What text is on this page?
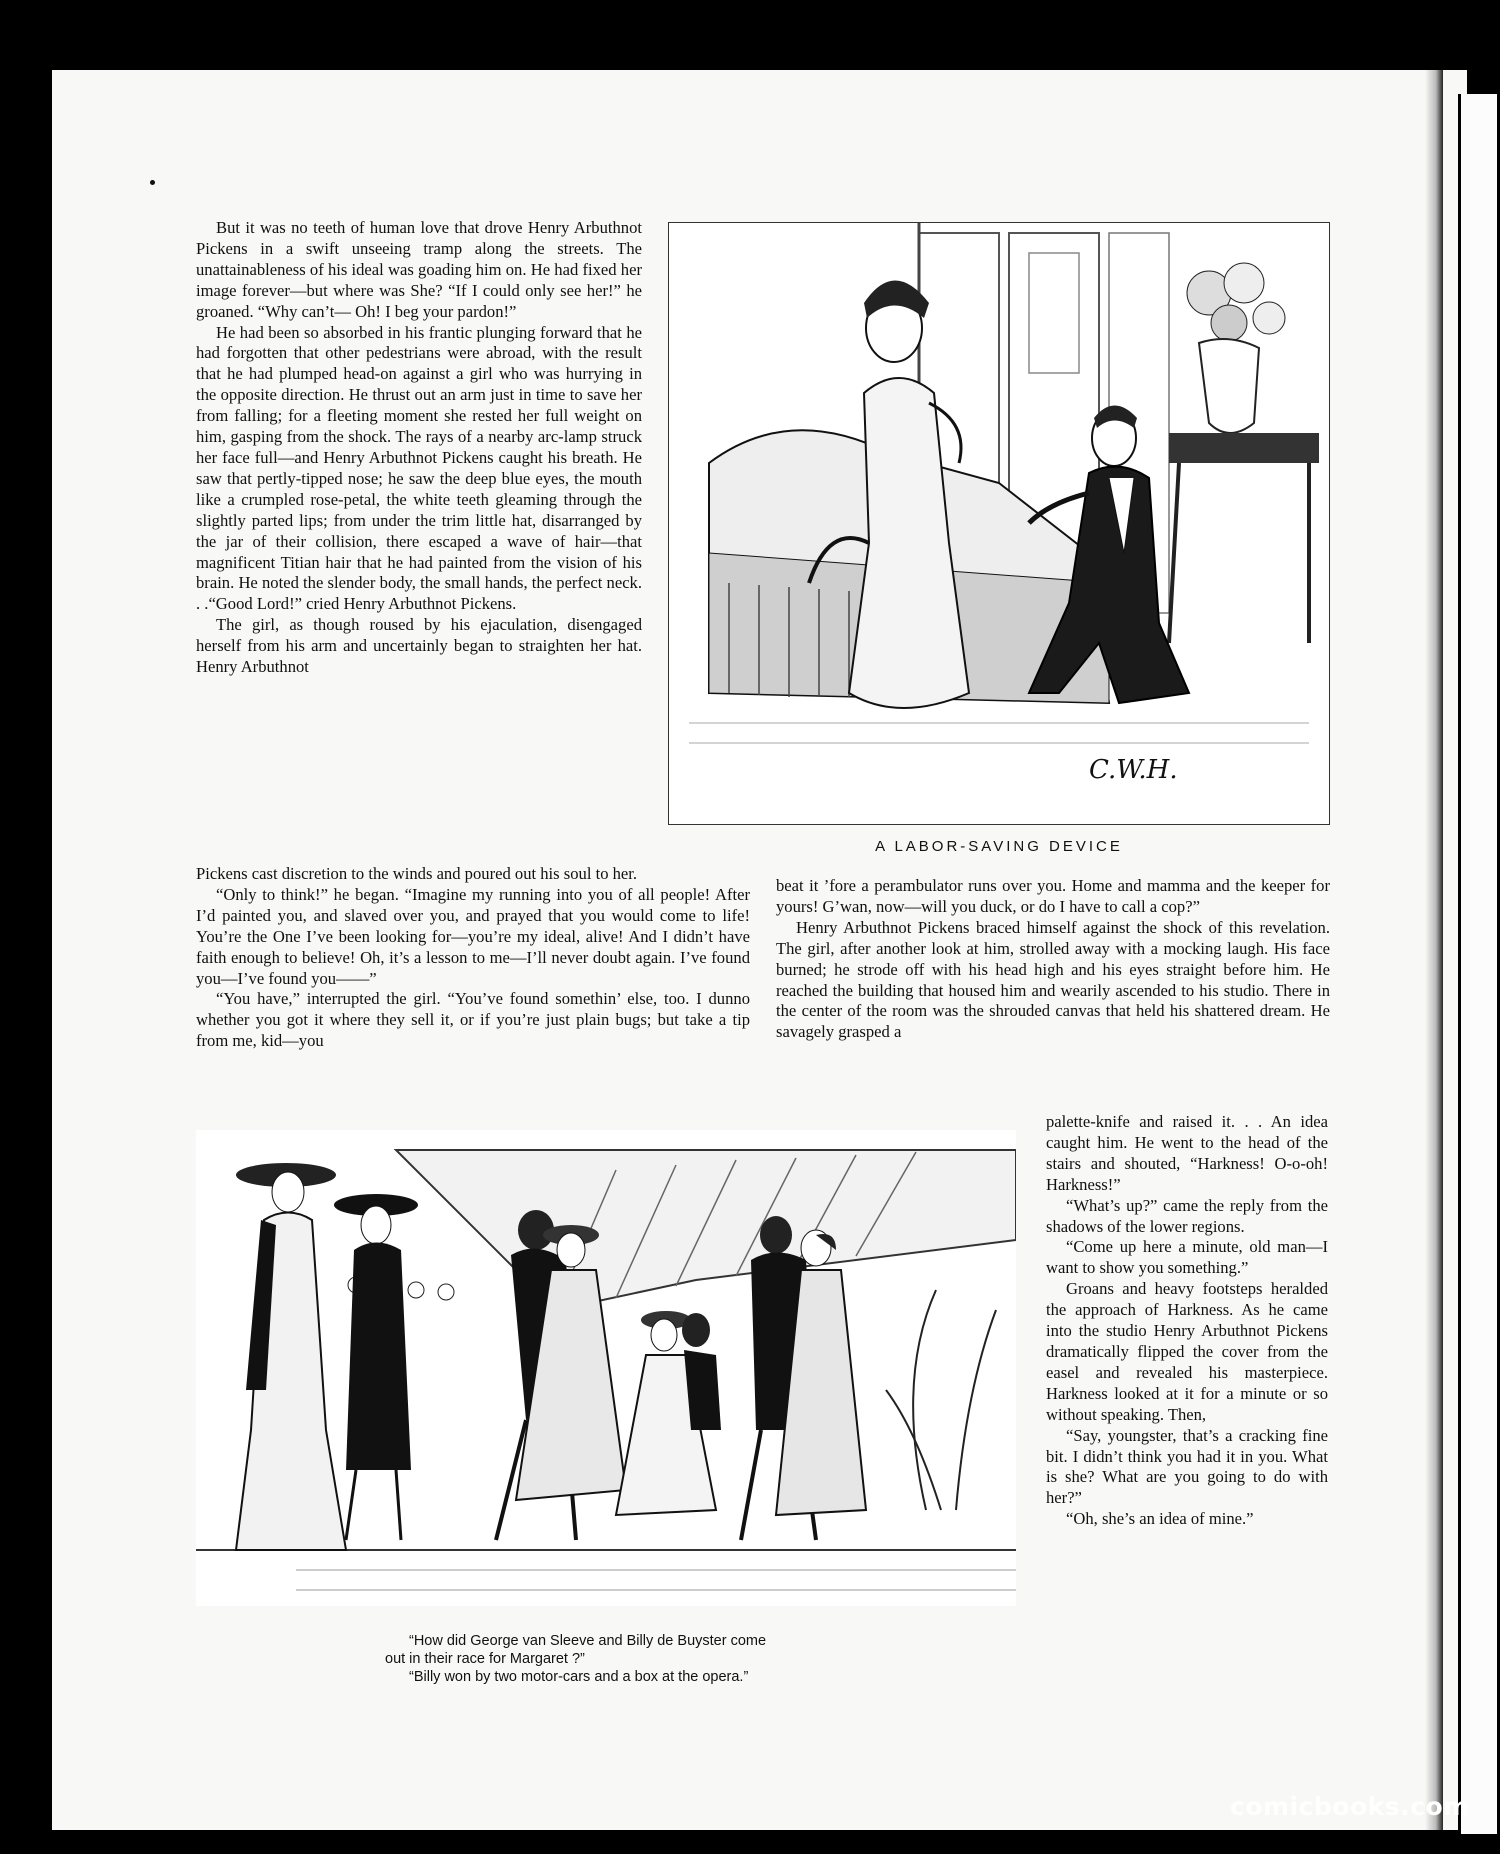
But it was no teeth of human love that drove Henry Arbuthnot Pickens in a swift unseeing tramp along the streets. The unattainableness of his ideal was goading him on. He had fixed her image forever—but where was She? “If I could only see her!” he groaned. “Why can’t— Oh! I beg your pardon!”

He had been so absorbed in his frantic plunging forward that he had forgotten that other pedestrians were abroad, with the result that he had plumped head-on against a girl who was hurrying in the opposite direction. He thrust out an arm just in time to save her from falling; for a fleeting moment she rested her full weight on him, gasping from the shock. The rays of a nearby arc-lamp struck her face full—and Henry Arbuthnot Pickens caught his breath. He saw that pertly-tipped nose; he saw the deep blue eyes, the mouth like a crumpled rose-petal, the white teeth gleaming through the slightly parted lips; from under the trim little hat, disarranged by the jar of their collision, there escaped a wave of hair—that magnificent Titian hair that he had painted from the vision of his brain. He noted the slender body, the small hands, the perfect neck. . .“Good Lord!” cried Henry Arbuthnot Pickens.

The girl, as though roused by his ejaculation, disengaged herself from his arm and uncertainly began to straighten her hat. Henry Arbuthnot

Pickens cast discretion to the winds and poured out his soul to her.

“Only to think!” he began. “Imagine my running into you of all people! After I’d painted you, and slaved over you, and prayed that you would come to life! You’re the One I’ve been looking for—you’re my ideal, alive! And I didn’t have faith enough to believe! Oh, it’s a lesson to me—I’ll never doubt again. I’ve found you—I’ve found you——”

“You have,” interrupted the girl. “You’ve found somethin’ else, too. I dunno whether you got it where they sell it, or if you’re just plain bugs; but take a tip from me, kid—you

beat it ’fore a perambulator runs over you. Home and mamma and the keeper for yours! G’wan, now—will you duck, or do I have to call a cop?”

Henry Arbuthnot Pickens braced himself against the shock of this revelation. The girl, after another look at him, strolled away with a mocking laugh. His face burned; he strode off with his head high and his eyes straight before him. He reached the building that housed him and wearily ascended to his studio. There in the center of the room was the shrouded canvas that held his shattered dream. He savagely grasped a

palette-knife and raised it. . . An idea caught him. He went to the head of the stairs and shouted, “Harkness! O-o-oh! Harkness!”

“What’s up?” came the reply from the shadows of the lower regions.

“Come up here a minute, old man—I want to show you something.”

Groans and heavy footsteps heralded the approach of Harkness. As he came into the studio Henry Arbuthnot Pickens dramatically flipped the cover from the easel and revealed his masterpiece. Harkness looked at it for a minute or so without speaking. Then,

“Say, youngster, that’s a cracking fine bit. I didn’t think you had it in you. What is she? What are you going to do with her?”

“Oh, she’s an idea of mine.”

C.W.H.
A LABOR-SAVING DEVICE
“How did George van Sleeve and Billy de Buyster come
out in their race for Margaret ?”
“Billy won by two motor-cars and a box at the opera.”
comicbooks.com
